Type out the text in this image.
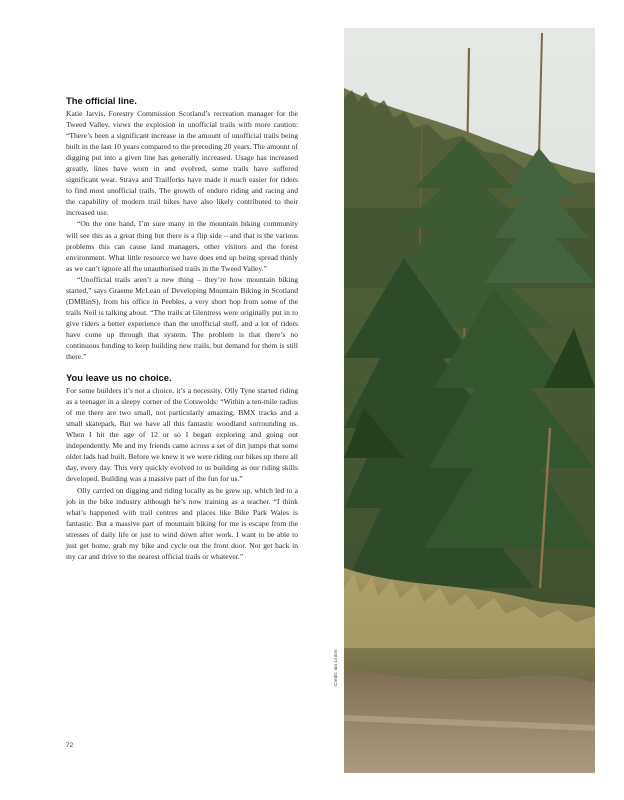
The official line.

Katie Jarvis, Forestry Commission Scotland’s recreation manager for the Tweed Valley, views the explosion in unofficial trails with more caution: “There’s been a significant increase in the amount of unofficial trails being built in the last 10 years compared to the preceding 20 years. The amount of digging put into a given line has generally increased. Usage has increased greatly, lines have worn in and evolved, some trails have suffered significant wear. Strava and Trailforks have made it much easier for riders to find most unofficial trails. The growth of enduro riding and racing and the capability of modern trail bikes have also likely contributed to their increased use.

“On the one hand, I’m sure many in the mountain biking community will see this as a great thing but there is a flip side – and that is the various problems this can cause land managers, other visitors and the forest environment. What little resource we have does end up being spread thinly as we can’t ignore all the unauthorised trails in the Tweed Valley.”

“Unofficial trails aren’t a new thing – they’re how mountain biking started,” says Graeme McLean of Developing Mountain Biking in Scotland (DMBinS), from his office in Peebles, a very short hop from some of the trails Neil is talking about. “The trails at Glentress were originally put in to give riders a better experience than the unofficial stuff, and a lot of riders have come up through that system. The problem is that there’s no continuous funding to keep building new trails, but demand for them is still there.”

You leave us no choice.

For some builders it’s not a choice, it’s a necessity. Olly Tyne started riding as a teenager in a sleepy corner of the Cotswolds: “Within a ten-mile radius of me there are two small, not particularly amazing, BMX tracks and a small skatepark. But we have all this fantastic woodland surrounding us. When I hit the age of 12 or so I began exploring and going out independently. Me and my friends came across a set of dirt jumps that some older lads had built. Before we knew it we were riding our bikes up there all day, every day. This very quickly evolved to us building as our riding skills developed. Building was a massive part of the fun for us.”

Olly carried on digging and riding locally as he grew up, which led to a job in the bike industry although he’s now training as a teacher. “I think what’s happened with trail centres and places like Bike Park Wales is fantastic. But a massive part of mountain biking for me is escape from the stresses of daily life or just to wind down after work. I want to be able to just get home, grab my bike and cycle out the front door. Not get back in my car and drive to the nearest official trails or whatever.”

72
Credit: Ian Linton
